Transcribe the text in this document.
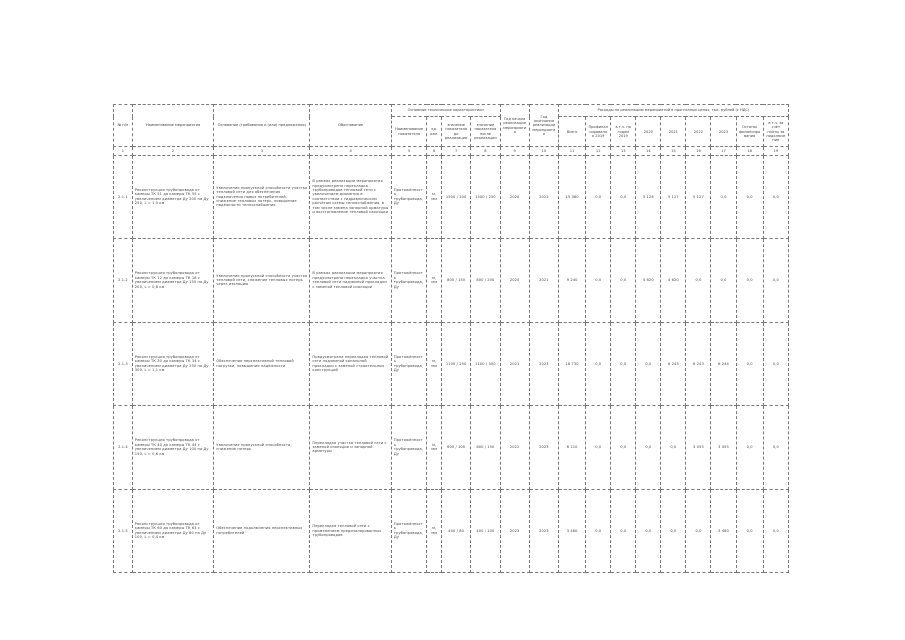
№ п/п	Наименование мероприятия	Основание (требования и (или) предложения)	Обоснование	Основные технические характеристики				Год начала реализации мероприятия	Год окончания реализации мероприятия	Расходы на реализацию мероприятий в прогнозных ценах, тыс. рублей (с НДС)								
				Наименование показателя	ед. изм.	значение показателя до реализации	значение показателя после реализации			Всего	Профинансировано к 2019	в т.ч. по годам 2019	2020	2021	2022	2023	Остаток финансирования	в т.ч. за счёт платы за подключение
1	2	3	4	5	6	7	8	9	10	11	12	13	14	15	16	17	18	19
2.1.1	Реконструкция трубопровода от камеры ТК 51 до камеры ТК 55 с увеличением диаметра Ду 200 на Ду 250, L = 1,5 км	Увеличение пропускной способности участка тепловой сети для обеспечения подключения новых потребителей, снижение тепловых потерь, повышение надёжности теплоснабжения	В рамках реализации мероприятия предусмотрена перекладка трубопроводов тепловой сети с увеличением диаметра в соответствии с гидравлическим расчётом схемы теплоснабжения, в том числе замена запорной арматуры и восстановление тепловой изоляции	Протяжённость трубопровода, Ду	м, мм	1500 / 200	1500 / 250	2020	2022	15 380	0,0	0,0	5 126	5 127	5 127	0,0	0,0	0,0
2.1.2	Реконструкция трубопровода от камеры ТК 12 до камеры ТК 18 с увеличением диаметра Ду 150 на Ду 200, L = 0,8 км	Увеличение пропускной способности участка тепловой сети, снижение тепловых потерь через изоляцию	В рамках реализации мероприятия предусмотрена перекладка участка тепловой сети надземной прокладки с заменой тепловой изоляции	Протяжённость трубопровода, Ду	м, мм	800 / 150	800 / 200	2020	2021	9 240	0,0	0,0	4 620	4 620	0,0	0,0	0,0	0,0
2.1.3	Реконструкция трубопровода от камеры ТК 30 до камеры ТК 34 с увеличением диаметра Ду 250 на Ду 300, L = 1,1 км	Обеспечение перспективной тепловой нагрузки, повышение надёжности	Предусмотрена перекладка тепловой сети подземной канальной прокладки с заменой строительных конструкций	Протяжённость трубопровода, Ду	м, мм	1100 / 250	1100 / 300	2021	2023	18 730	0,0	0,0	0,0	6 243	6 243	6 244	0,0	0,0
2.1.4	Реконструкция трубопровода от камеры ТК 40 до камеры ТК 44 с увеличением диаметра Ду 100 на Ду 150, L = 0,6 км	Увеличение пропускной способности, снижение потерь	Перекладка участка тепловой сети с заменой изоляции и запорной арматуры	Протяжённость трубопровода, Ду	м, мм	600 / 100	600 / 150	2022	2023	6 110	0,0	0,0	0,0	0,0	3 055	3 055	0,0	0,0
2.1.5	Реконструкция трубопровода от камеры ТК 60 до камеры ТК 63 с увеличением диаметра Ду 80 на Ду 100, L = 0,4 км	Обеспечение подключения перспективных потребителей	Перекладка тепловой сети с применением предизолированных трубопроводов	Протяжённость трубопровода, Ду	м, мм	400 / 80	400 / 100	2023	2023	3 480	0,0	0,0	0,0	0,0	0,0	3 480	0,0	0,0
